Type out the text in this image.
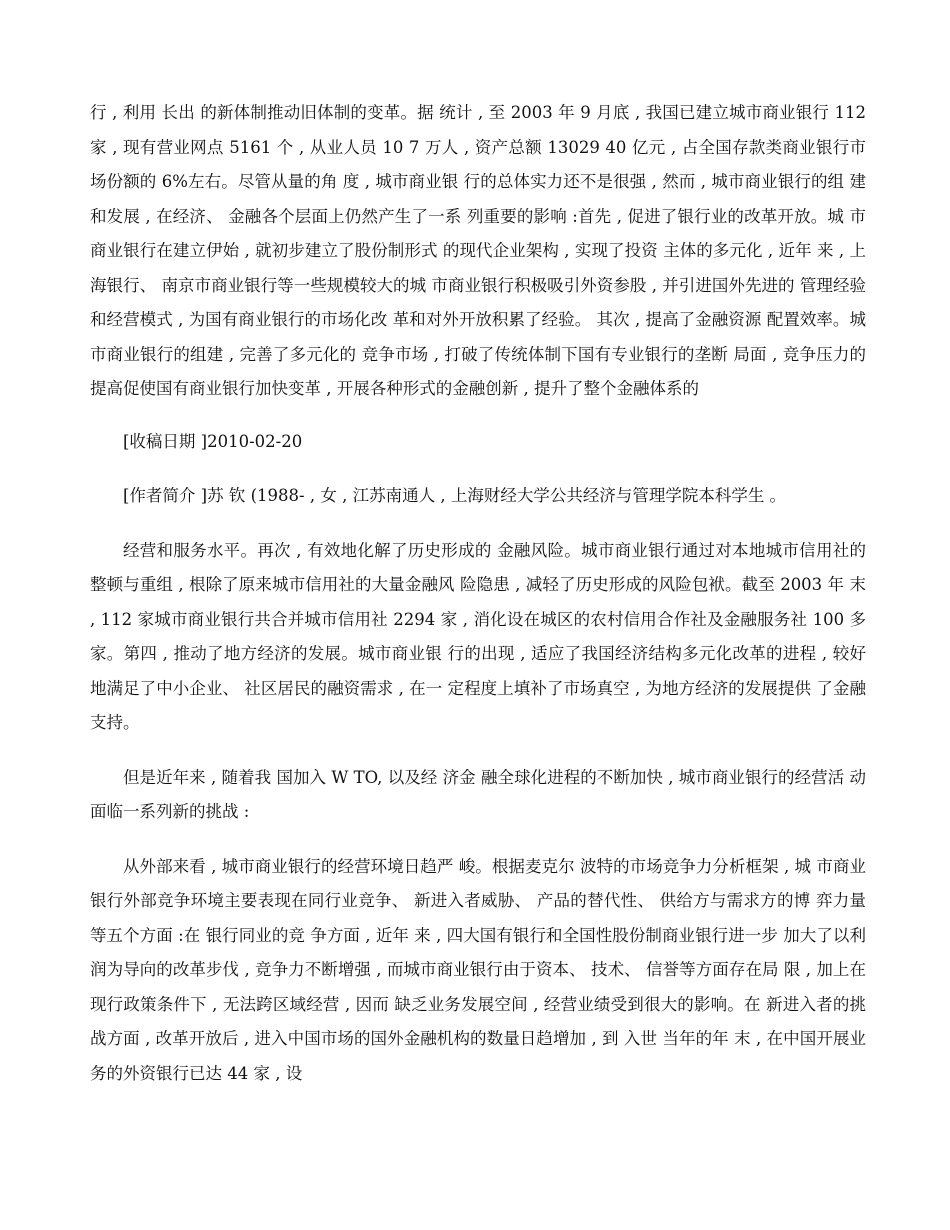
行 , 利用 长出 的新体制推动旧体制的变革。据 统计 , 至 2003 年 9 月底 , 我国已建立城市商业银行 112 家 , 现有营业网点 5161 个 , 从业人员 10 7 万人 , 资产总额 13029 40 亿元 , 占全国存款类商业银行市 场份额的 6%左右。尽管从量的角 度 , 城市商业银 行的总体实力还不是很强 , 然而 , 城市商业银行的组 建和发展 , 在经济、 金融各个层面上仍然产生了一系 列重要的影响 :首先 , 促进了银行业的改革开放。城 市商业银行在建立伊始 , 就初步建立了股份制形式 的现代企业架构 , 实现了投资 主体的多元化 , 近年 来 , 上海银行、 南京市商业银行等一些规模较大的城 市商业银行积极吸引外资参股 , 并引进国外先进的 管理经验和经营模式 , 为国有商业银行的市场化改 革和对外开放积累了经验。 其次 , 提高了金融资源 配置效率。城市商业银行的组建 , 完善了多元化的 竞争市场 , 打破了传统体制下国有专业银行的垄断 局面 , 竞争压力的提高促使国有商业银行加快变革 , 开展各种形式的金融创新 , 提升了整个金融体系的

[收稿日期 ]2010-02-20

[作者简介 ]苏 钦 (1988- , 女 , 江苏南通人 , 上海财经大学公共经济与管理学院本科学生 。

经营和服务水平。再次 , 有效地化解了历史形成的 金融风险。城市商业银行通过对本地城市信用社的 整顿与重组 , 根除了原来城市信用社的大量金融风 险隐患 , 减轻了历史形成的风险包袱。截至 2003 年 末 , 112 家城市商业银行共合并城市信用社 2294 家 , 消化设在城区的农村信用合作社及金融服务社 100 多家。第四 , 推动了地方经济的发展。城市商业银 行的出现 , 适应了我国经济结构多元化改革的进程 , 较好地满足了中小企业、 社区居民的融资需求 , 在一 定程度上填补了市场真空 , 为地方经济的发展提供 了金融支持。

但是近年来 , 随着我 国加入 W TO, 以及经 济金 融全球化进程的不断加快 , 城市商业银行的经营活 动面临一系列新的挑战 :

从外部来看 , 城市商业银行的经营环境日趋严 峻。根据麦克尔 波特的市场竞争力分析框架 , 城 市商业银行外部竞争环境主要表现在同行业竞争、 新进入者威胁、 产品的替代性、 供给方与需求方的博 弈力量等五个方面 :在 银行同业的竞 争方面 , 近年 来 , 四大国有银行和全国性股份制商业银行进一步 加大了以利润为导向的改革步伐 , 竞争力不断增强 , 而城市商业银行由于资本、 技术、 信誉等方面存在局 限 , 加上在现行政策条件下 , 无法跨区域经营 , 因而 缺乏业务发展空间 , 经营业绩受到很大的影响。在 新进入者的挑战方面 , 改革开放后 , 进入中国市场的国外金融机构的数量日趋增加 , 到 入世 当年的年 末 , 在中国开展业务的外资银行已达 44 家 , 设
